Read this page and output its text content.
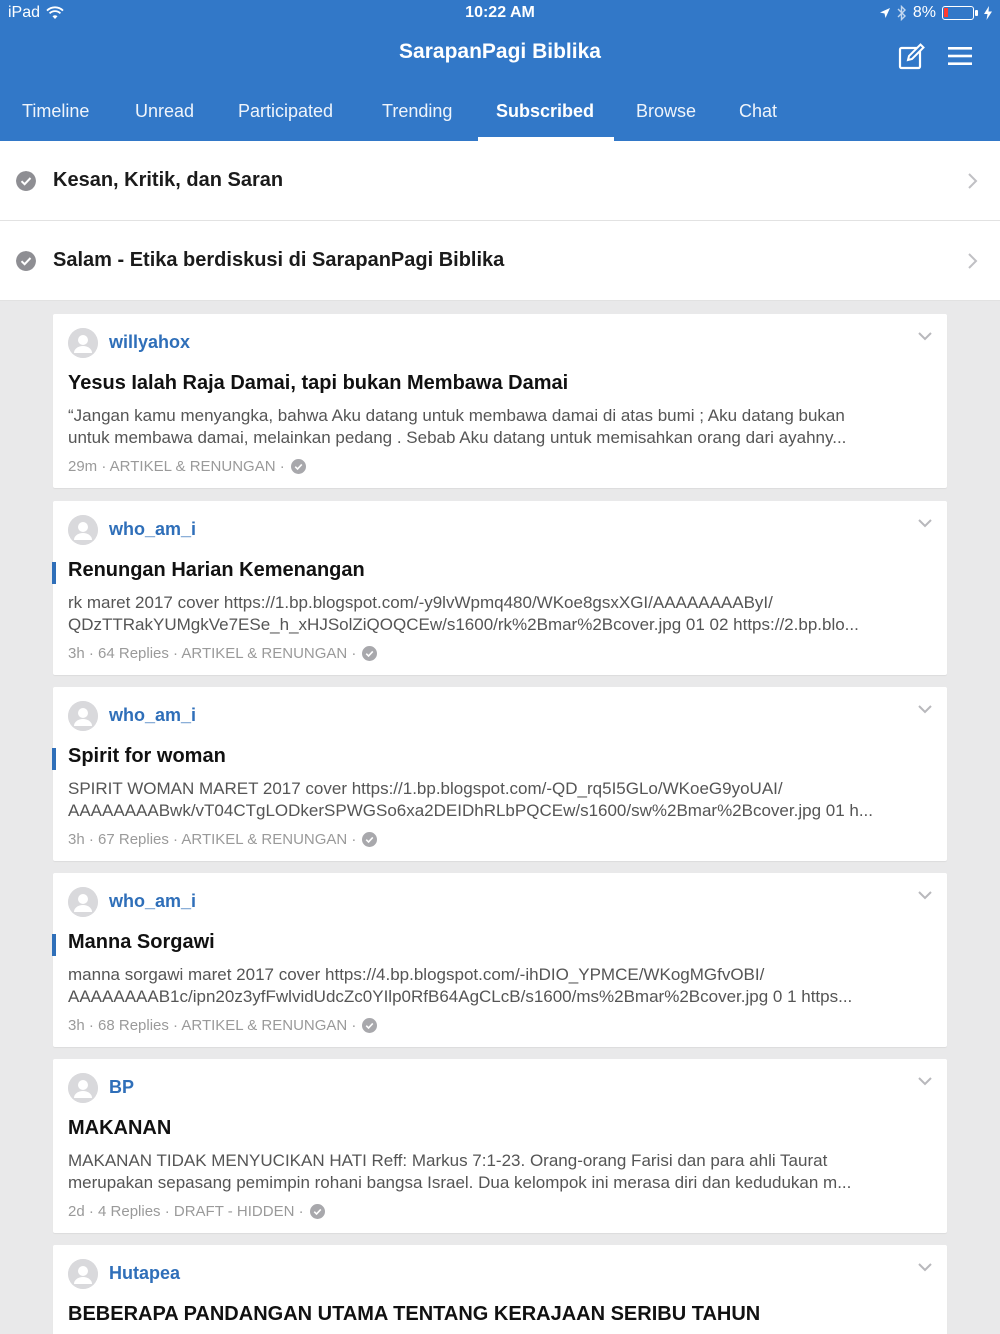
iPad	10:22 AM	8%
SarapanPagi Biblika
Timeline	Unread Participated	Trending Subscribed Browse Chat
Kesan, Kritik, dan Saran
Salam - Etika berdiskusi di SarapanPagi Biblika
willyahox
Yesus Ialah Raja Damai, tapi bukan Membawa Damai
“Jangan kamu menyangka, bahwa Aku datang untuk membawa damai di atas bumi ; Aku datang bukan
untuk membawa damai, melainkan pedang . Sebab Aku datang untuk memisahkan orang dari ayahny...
29m · ARTIKEL & RENUNGAN ·
who_am_i
Renungan Harian Kemenangan
rk maret 2017 cover https://1.bp.blogspot.com/-y9lvWpmq480/WKoe8gsxXGI/AAAAAAAAByI/
QDzTTRakYUMgkVe7ESe_h_xHJSolZiQOQCEw/s1600/rk%2Bmar%2Bcover.jpg 01 02 https://2.bp.blo...
3h · 64 Replies · ARTIKEL & RENUNGAN ·
who_am_i
Spirit for woman
SPIRIT WOMAN MARET 2017 cover https://1.bp.blogspot.com/-QD_rq5I5GLo/WKoeG9yoUAI/
AAAAAAAABwk/vT04CTgLODkerSPWGSo6xa2DEIDhRLbPQCEw/s1600/sw%2Bmar%2Bcover.jpg 01 h...
3h · 67 Replies · ARTIKEL & RENUNGAN ·
who_am_i
Manna Sorgawi
manna sorgawi maret 2017 cover https://4.bp.blogspot.com/-ihDIO_YPMCE/WKogMGfvOBI/
AAAAAAAAB1c/ipn20z3yfFwlvidUdcZc0YIlp0RfB64AgCLcB/s1600/ms%2Bmar%2Bcover.jpg 0 1 https...
3h · 68 Replies · ARTIKEL & RENUNGAN ·
BP
MAKANAN
MAKANAN TIDAK MENYUCIKAN HATI Reff: Markus 7:1-23. Orang-orang Farisi dan para ahli Taurat
merupakan sepasang pemimpin rohani bangsa Israel. Dua kelompok ini merasa diri dan kedudukan m...
2d · 4 Replies · DRAFT - HIDDEN ·
Hutapea
BEBERAPA PANDANGAN UTAMA TENTANG KERAJAAN SERIBU TAHUN
